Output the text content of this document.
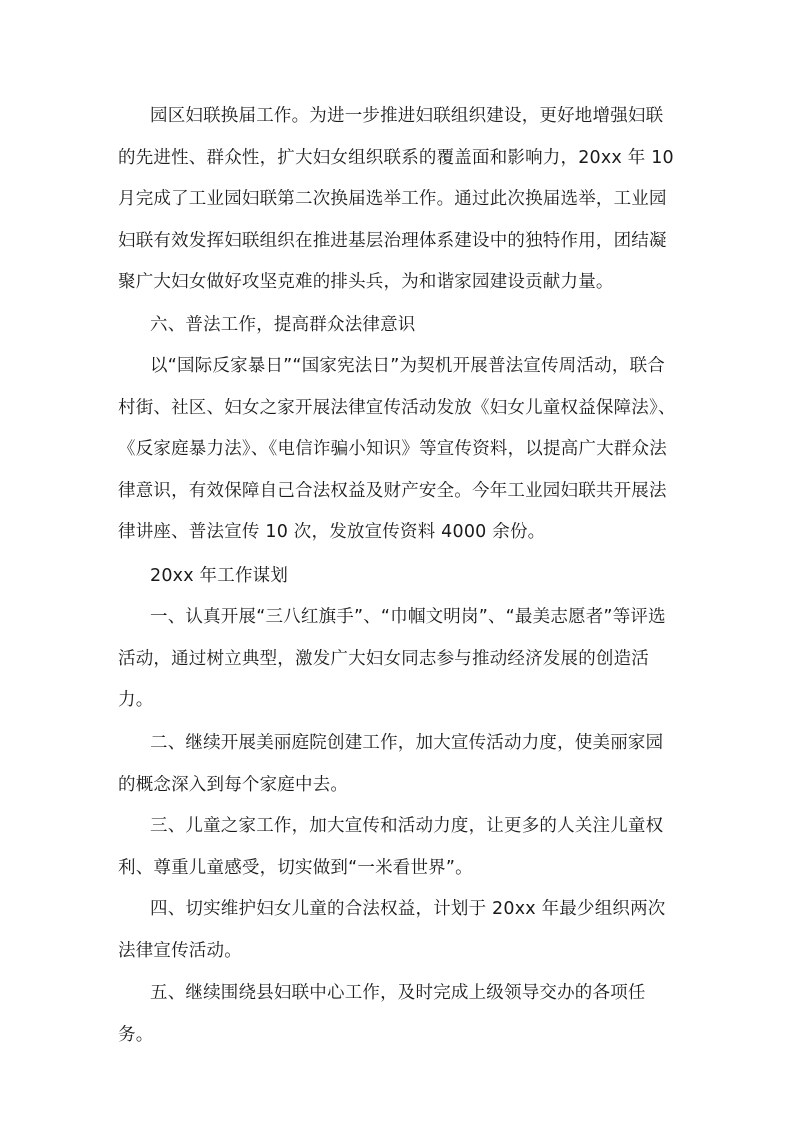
园区妇联换届工作。为进一步推进妇联组织建设，更好地增强妇联的先进性、群众性，扩大妇女组织联系的覆盖面和影响力，20xx 年 10 月完成了工业园妇联第二次换届选举工作。通过此次换届选举，工业园妇联有效发挥妇联组织在推进基层治理体系建设中的独特作用，团结凝聚广大妇女做好攻坚克难的排头兵，为和谐家园建设贡献力量。

六、普法工作，提高群众法律意识

以“国际反家暴日”“国家宪法日”为契机开展普法宣传周活动，联合村街、社区、妇女之家开展法律宣传活动发放《妇女儿童权益保障法》、《反家庭暴力法》、《电信诈骗小知识》等宣传资料，以提高广大群众法律意识，有效保障自己合法权益及财产安全。今年工业园妇联共开展法律讲座、普法宣传 10 次，发放宣传资料 4000 余份。

20xx 年工作谋划

一、认真开展“三八红旗手”、“巾帼文明岗”、“最美志愿者”等评选活动，通过树立典型，激发广大妇女同志参与推动经济发展的创造活力。

二、继续开展美丽庭院创建工作，加大宣传活动力度，使美丽家园的概念深入到每个家庭中去。

三、儿童之家工作，加大宣传和活动力度，让更多的人关注儿童权利、尊重儿童感受，切实做到“一米看世界”。

四、切实维护妇女儿童的合法权益，计划于 20xx 年最少组织两次法律宣传活动。

五、继续围绕县妇联中心工作，及时完成上级领导交办的各项任务。
